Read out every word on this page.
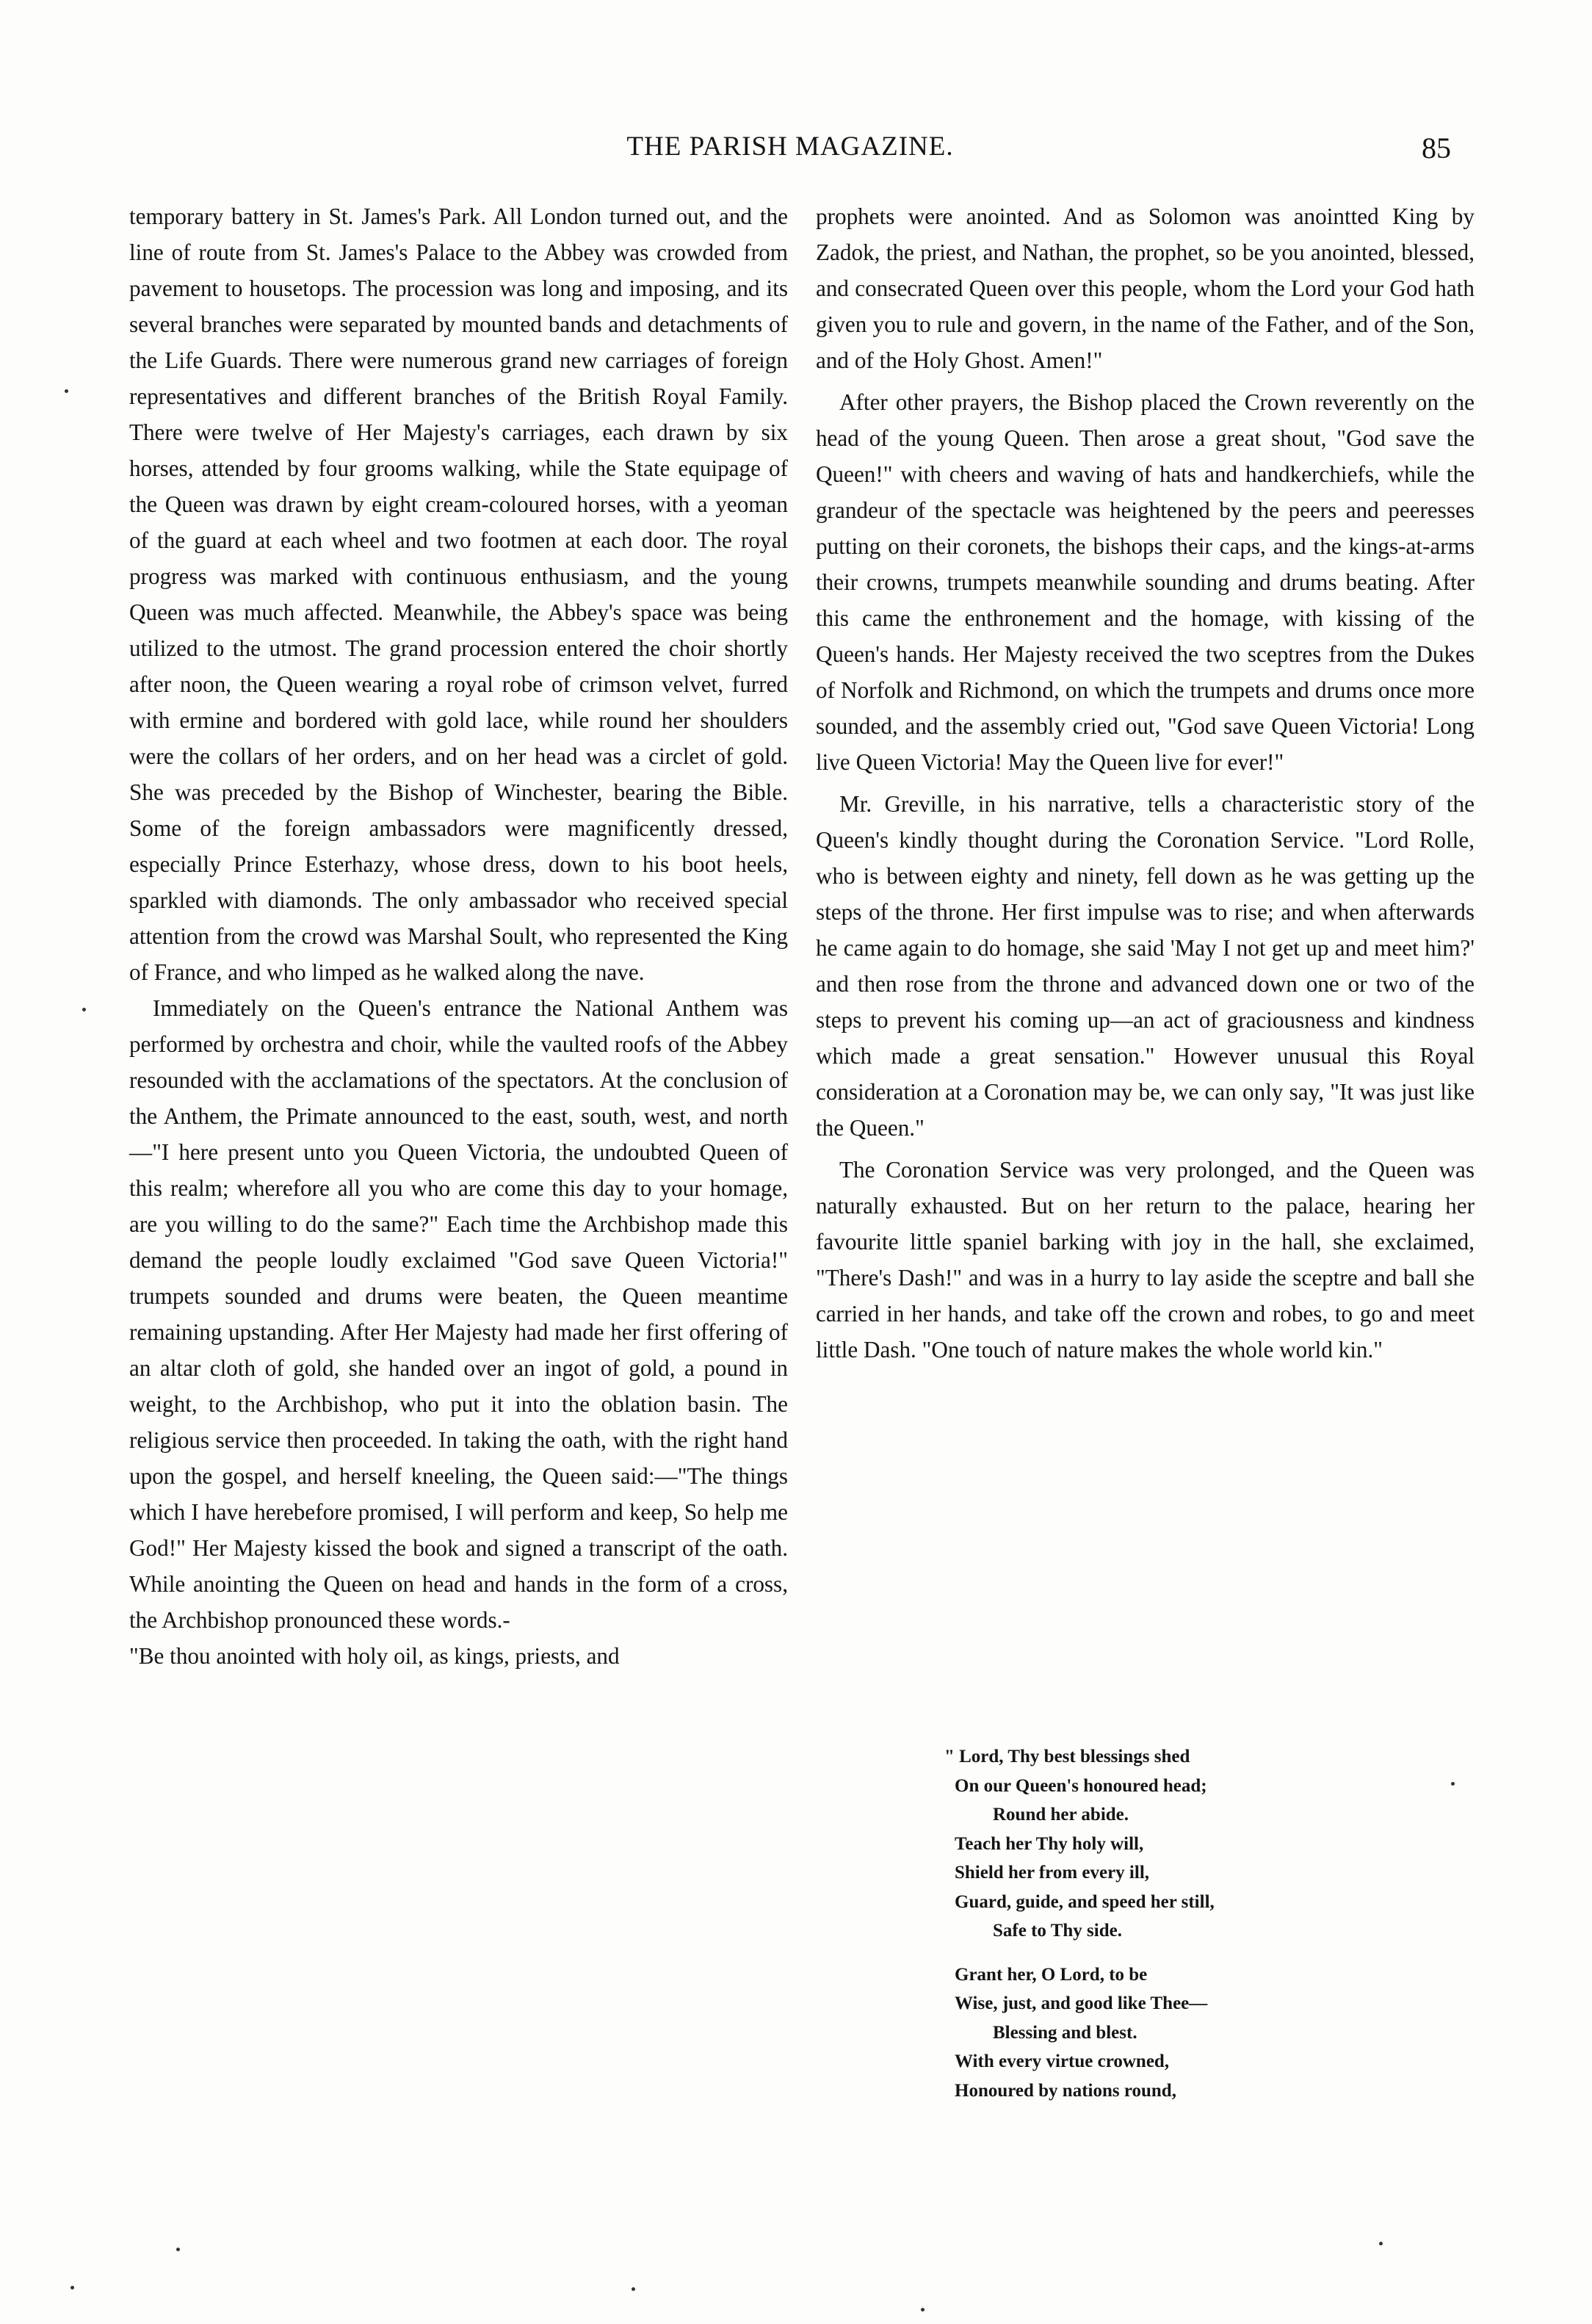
THE PARISH MAGAZINE.	85

temporary battery in St. James's Park. All London turned out, and the line of route from St. James's Palace to the Abbey was crowded from pavement to housetops. The procession was long and imposing, and its several branches were separated by mounted bands and detachments of the Life Guards. There were numerous grand new carriages of foreign representatives and different branches of the British Royal Family. There were twelve of Her Majesty's carriages, each drawn by six horses, attended by four grooms walking, while the State equipage of the Queen was drawn by eight cream-coloured horses, with a yeoman of the guard at each wheel and two footmen at each door. The royal progress was marked with continuous enthusiasm, and the young Queen was much affected. Meanwhile, the Abbey's space was being utilized to the utmost. The grand procession entered the choir shortly after noon, the Queen wearing a royal robe of crimson velvet, furred with ermine and bordered with gold lace, while round her shoulders were the collars of her orders, and on her head was a circlet of gold. She was preceded by the Bishop of Winchester, bearing the Bible. Some of the foreign ambassadors were magnificently dressed, especially Prince Esterhazy, whose dress, down to his boot heels, sparkled with diamonds. The only ambassador who received special attention from the crowd was Marshal Soult, who represented the King of France, and who limped as he walked along the nave.

Immediately on the Queen's entrance the National Anthem was performed by orchestra and choir, while the vaulted roofs of the Abbey resounded with the acclamations of the spectators. At the conclusion of the Anthem, the Primate announced to the east, south, west, and north—"I here present unto you Queen Victoria, the undoubted Queen of this realm; wherefore all you who are come this day to your homage, are you willing to do the same?" Each time the Archbishop made this demand the people loudly exclaimed "God save Queen Victoria!" trumpets sounded and drums were beaten, the Queen meantime remaining upstanding. After Her Majesty had made her first offering of an altar cloth of gold, she handed over an ingot of gold, a pound in weight, to the Archbishop, who put it into the oblation basin. The religious service then proceeded. In taking the oath, with the right hand upon the gospel, and herself kneeling, the Queen said:—"The things which I have herebefore promised, I will perform and keep, So help me God!" Her Majesty kissed the book and signed a transcript of the oath. While anointing the Queen on head and hands in the form of a cross, the Archbishop pronounced these words.-

"Be thou anointed with holy oil, as kings, priests, and

prophets were anointed. And as Solomon was anointted King by Zadok, the priest, and Nathan, the prophet, so be you anointed, blessed, and consecrated Queen over this people, whom the Lord your God hath given you to rule and govern, in the name of the Father, and of the Son, and of the Holy Ghost. Amen!"

After other prayers, the Bishop placed the Crown reverently on the head of the young Queen. Then arose a great shout, "God save the Queen!" with cheers and waving of hats and handkerchiefs, while the grandeur of the spectacle was heightened by the peers and peeresses putting on their coronets, the bishops their caps, and the kings-at-arms their crowns, trumpets meanwhile sounding and drums beating. After this came the enthronement and the homage, with kissing of the Queen's hands. Her Majesty received the two sceptres from the Dukes of Norfolk and Richmond, on which the trumpets and drums once more sounded, and the assembly cried out, "God save Queen Victoria! Long live Queen Victoria! May the Queen live for ever!"

Mr. Greville, in his narrative, tells a characteristic story of the Queen's kindly thought during the Coronation Service. "Lord Rolle, who is between eighty and ninety, fell down as he was getting up the steps of the throne. Her first impulse was to rise; and when afterwards he came again to do homage, she said 'May I not get up and meet him?' and then rose from the throne and advanced down one or two of the steps to prevent his coming up—an act of graciousness and kindness which made a great sensation." However unusual this Royal consideration at a Coronation may be, we can only say, "It was just like the Queen."

The Coronation Service was very prolonged, and the Queen was naturally exhausted. But on her return to the palace, hearing her favourite little spaniel barking with joy in the hall, she exclaimed, "There's Dash!" and was in a hurry to lay aside the sceptre and ball she carried in her hands, and take off the crown and robes, to go and meet little Dash. "One touch of nature makes the whole world kin."

" Lord, Thy best blessings shed
On our Queen's honoured head;
Round her abide.
Teach her Thy holy will,
Shield her from every ill,
Guard, guide, and speed her still,
Safe to Thy side.
Grant her, O Lord, to be
Wise, just, and good like Thee—
Blessing and blest.
With every virtue crowned,
Honoured by nations round,
